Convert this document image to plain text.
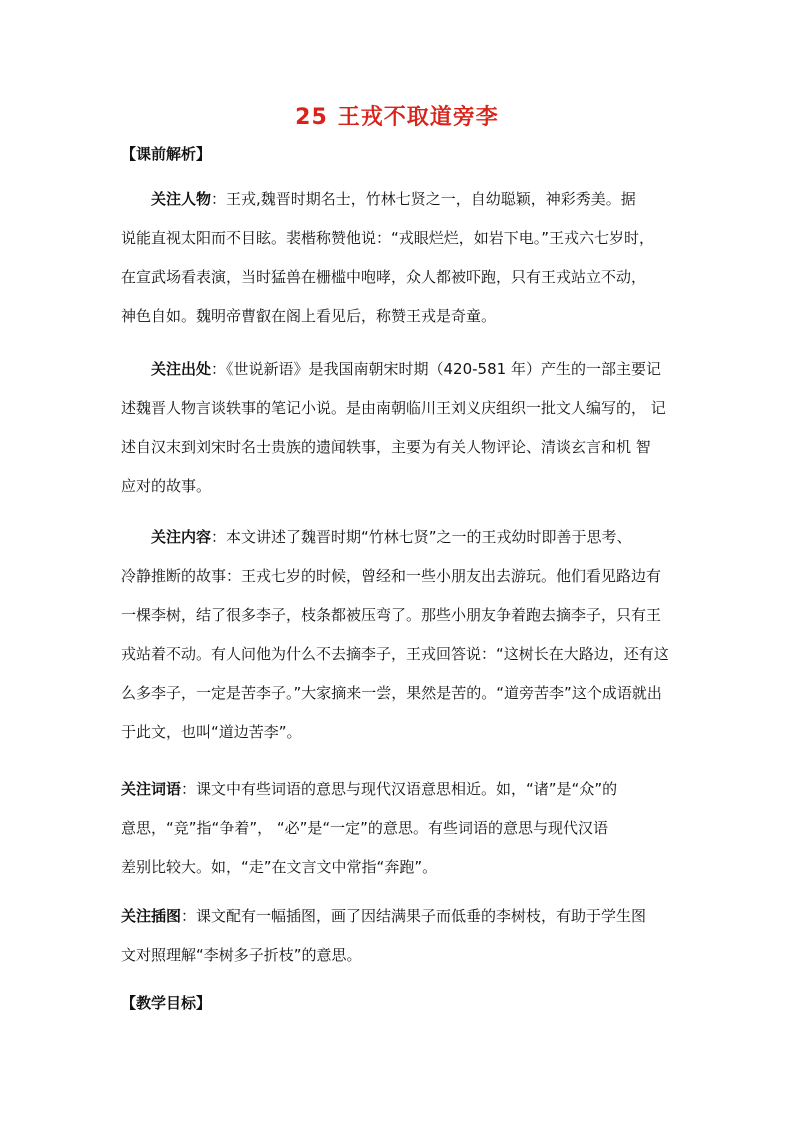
25 王戎不取道旁李
【课前解析】
关注人物：王戎,魏晋时期名士，竹林七贤之一，自幼聪颖，神彩秀美。据
说能直视太阳而不目眩。裴楷称赞他说：“戎眼烂烂，如岩下电。”王戎六七岁时，
在宣武场看表演，当时猛兽在栅槛中咆哮，众人都被吓跑，只有王戎站立不动，
神色自如。魏明帝曹叡在阁上看见后，称赞王戎是奇童。
关注出处：《世说新语》是我国南朝宋时期（420-581 年）产生的一部主要记
述魏晋人物言谈轶事的笔记小说。是由南朝临川王刘义庆组织一批文人编写的， 记
述自汉末到刘宋时名士贵族的遗闻轶事，主要为有关人物评论、清谈玄言和机 智
应对的故事。
关注内容：本文讲述了魏晋时期“竹林七贤”之一的王戎幼时即善于思考、
冷静推断的故事：王戎七岁的时候，曾经和一些小朋友出去游玩。他们看见路边有
一棵李树，结了很多李子，枝条都被压弯了。那些小朋友争着跑去摘李子，只有王
戎站着不动。有人问他为什么不去摘李子，王戎回答说：“这树长在大路边，还有这
么多李子，一定是苦李子。”大家摘来一尝，果然是苦的。“道旁苦李”这个成语就出
于此文，也叫“道边苦李”。
关注词语：课文中有些词语的意思与现代汉语意思相近。如，“诸”是“众”的
意思，“竞”指“争着”， “必”是“一定”的意思。有些词语的意思与现代汉语
差别比较大。如，“走”在文言文中常指“奔跑”。
关注插图：课文配有一幅插图，画了因结满果子而低垂的李树枝，有助于学生图
文对照理解“李树多子折枝”的意思。
【教学目标】
